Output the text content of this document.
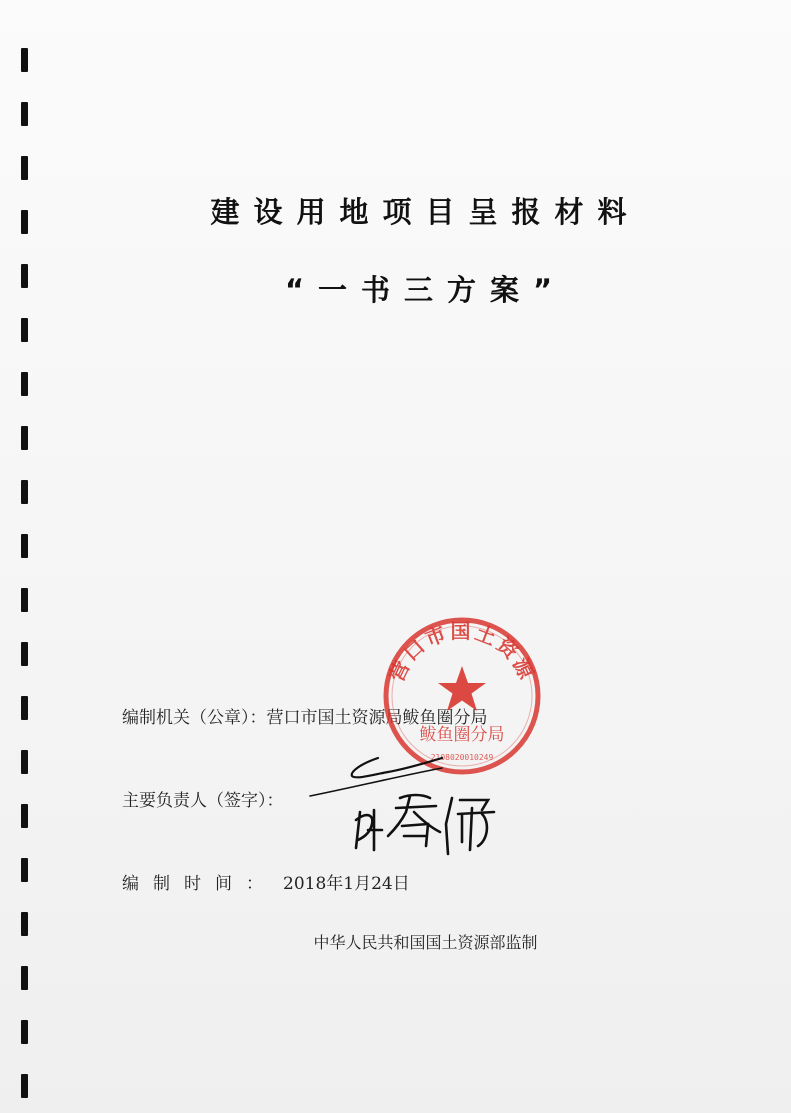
建设用地项目呈报材料
“一书三方案”
编制机关（公章）：营口市国土资源局鲅鱼圈分局
主要负责人（签字）：
编制时间： 2018年1月24日
中华人民共和国国土资源部监制
营口市国土资源
鲅鱼圈分局
2108020010249
